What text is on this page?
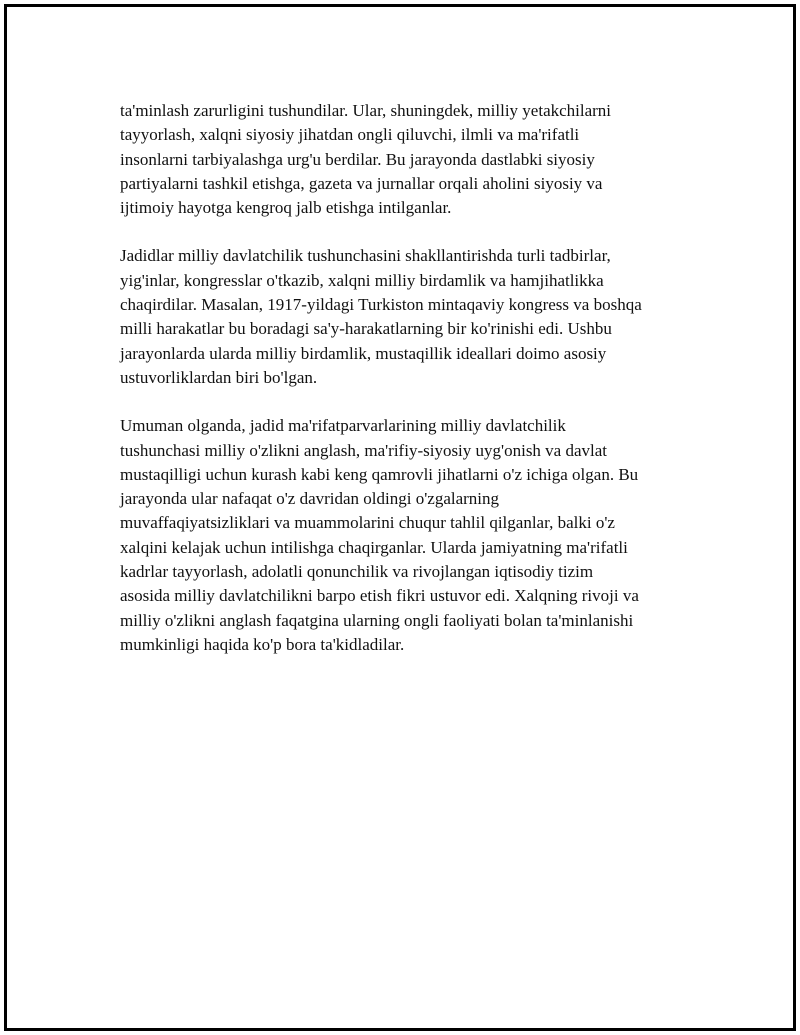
ta'minlash zarurligini tushundilar. Ular, shuningdek, milliy yetakchilarni
tayyorlash, xalqni siyosiy jihatdan ongli qiluvchi, ilmli va ma'rifatli
insonlarni tarbiyalashga urg'u berdilar. Bu jarayonda dastlabki siyosiy
partiyalarni tashkil etishga, gazeta va jurnallar orqali aholini siyosiy va
ijtimoiy hayotga kengroq jalb etishga intilganlar.

Jadidlar milliy davlatchilik tushunchasini shakllantirishda turli tadbirlar,
yig'inlar, kongresslar o'tkazib, xalqni milliy birdamlik va hamjihatlikka
chaqirdilar. Masalan, 1917-yildagi Turkiston mintaqaviy kongress va boshqa
milli harakatlar bu boradagi sa'y-harakatlarning bir ko'rinishi edi. Ushbu
jarayonlarda ularda milliy birdamlik, mustaqillik ideallari doimo asosiy
ustuvorliklardan biri bo'lgan.

Umuman olganda, jadid ma'rifatparvarlarining milliy davlatchilik
tushunchasi milliy o'zlikni anglash, ma'rifiy-siyosiy uyg'onish va davlat
mustaqilligi uchun kurash kabi keng qamrovli jihatlarni o'z ichiga olgan. Bu
jarayonda ular nafaqat o'z davridan oldingi o'zgalarning
muvaffaqiyatsizliklari va muammolarini chuqur tahlil qilganlar, balki o'z
xalqini kelajak uchun intilishga chaqirganlar. Ularda jamiyatning ma'rifatli
kadrlar tayyorlash, adolatli qonunchilik va rivojlangan iqtisodiy tizim
asosida milliy davlatchilikni barpo etish fikri ustuvor edi. Xalqning rivoji va
milliy o'zlikni anglash faqatgina ularning ongli faoliyati bolan ta'minlanishi
mumkinligi haqida ko'p bora ta'kidladilar.
